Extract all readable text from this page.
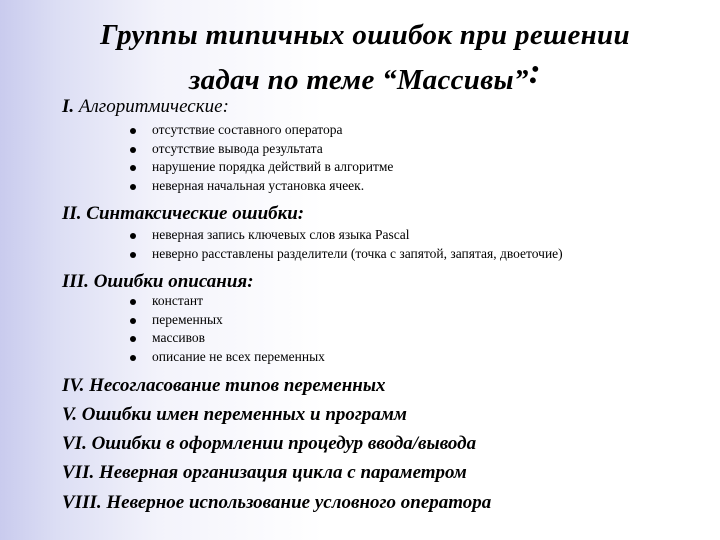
Группы типичных ошибок при решении
задач по теме “Массивы”:
I. Алгоритмические:
отсутствие составного оператора
отсутствие вывода результата
нарушение порядка действий в алгоритме
неверная начальная установка ячеек.
II. Синтаксические ошибки:
неверная запись ключевых слов языка Pascal
неверно расставлены разделители (точка с запятой, запятая, двоеточие)
III. Ошибки описания:
констант
переменных
массивов
описание не всех переменных
IV. Несогласование типов переменных
V. Ошибки имен переменных и программ
VI. Ошибки в оформлении процедур ввода/вывода
VII. Неверная организация цикла с параметром
VIII. Неверное использование условного оператора
